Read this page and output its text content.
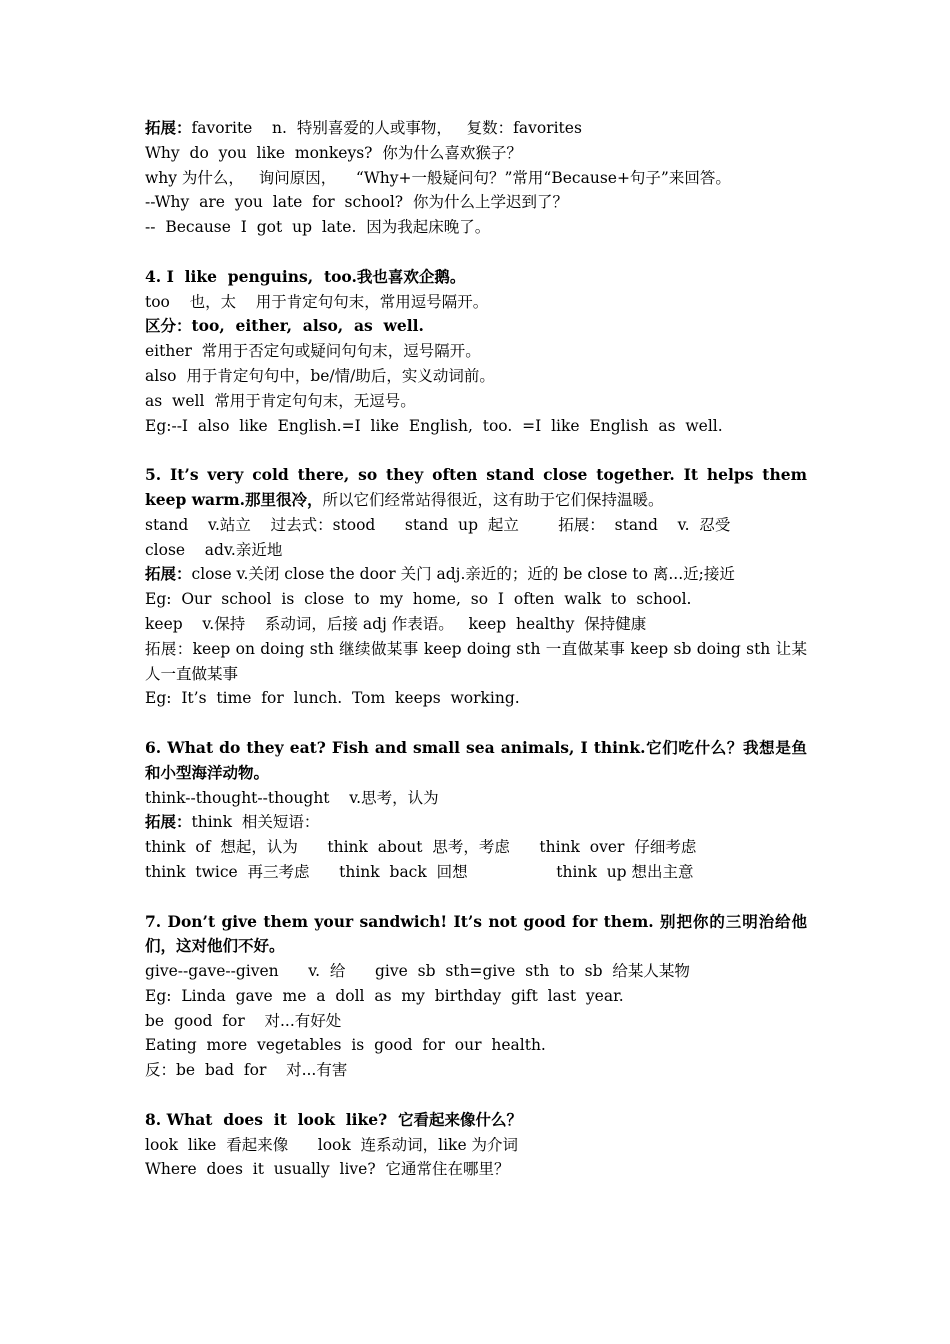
拓展：favorite    n.  特别喜爱的人或事物，   复数：favorites
Why  do  you  like  monkeys?  你为什么喜欢猴子？
why 为什么，   询问原因，    “Why+一般疑问句？”常用“Because+句子”来回答。
--Why  are  you  late  for  school?  你为什么上学迟到了？
--  Because  I  got  up  late.  因为我起床晚了。
4. I  like  penguins,  too.我也喜欢企鹅。
too    也，太    用于肯定句句末，常用逗号隔开。
区分：too,  either,  also,  as  well.
either  常用于否定句或疑问句句末，逗号隔开。
also  用于肯定句句中，be/情/助后，实义动词前。
as  well  常用于肯定句句末，无逗号。
Eg:--I  also  like  English.=I  like  English,  too.  =I  like  English  as  well.
5. It’s very cold there, so they often stand close together. It helps them keep warm.那里很冷，所以它们经常站得很近，这有助于它们保持温暖。
stand    v.站立    过去式：stood      stand  up  起立        拓展：  stand    v.  忍受
close    adv.亲近地
拓展：close v.关闭 close the door 关门 adj.亲近的；近的 be close to 离...近;接近
Eg:  Our  school  is  close  to  my  home,  so  I  often  walk  to  school.
keep    v.保持    系动词，后接 adj 作表语。   keep  healthy  保持健康
拓展：keep on doing sth 继续做某事 keep doing sth 一直做某事 keep sb doing sth 让某人一直做某事
Eg:  It’s  time  for  lunch.  Tom  keeps  working.
6. What do they eat? Fish and small sea animals, I think.它们吃什么？我想是鱼和小型海洋动物。
think--thought--thought    v.思考，认为
拓展：think  相关短语：
think  of  想起，认为      think  about  思考，考虑      think  over  仔细考虑
think  twice  再三考虑      think  back  回想                  think  up 想出主意
7. Don’t give them your sandwich! It’s not good for them. 别把你的三明治给他们，这对他们不好。
give--gave--given      v.  给      give  sb  sth=give  sth  to  sb  给某人某物
Eg:  Linda  gave  me  a  doll  as  my  birthday  gift  last  year.
be  good  for    对...有好处
Eating  more  vegetables  is  good  for  our  health.
反：be  bad  for    对...有害
8. What  does  it  look  like?  它看起来像什么？
look  like  看起来像      look  连系动词，like 为介词
Where  does  it  usually  live?  它通常住在哪里？
